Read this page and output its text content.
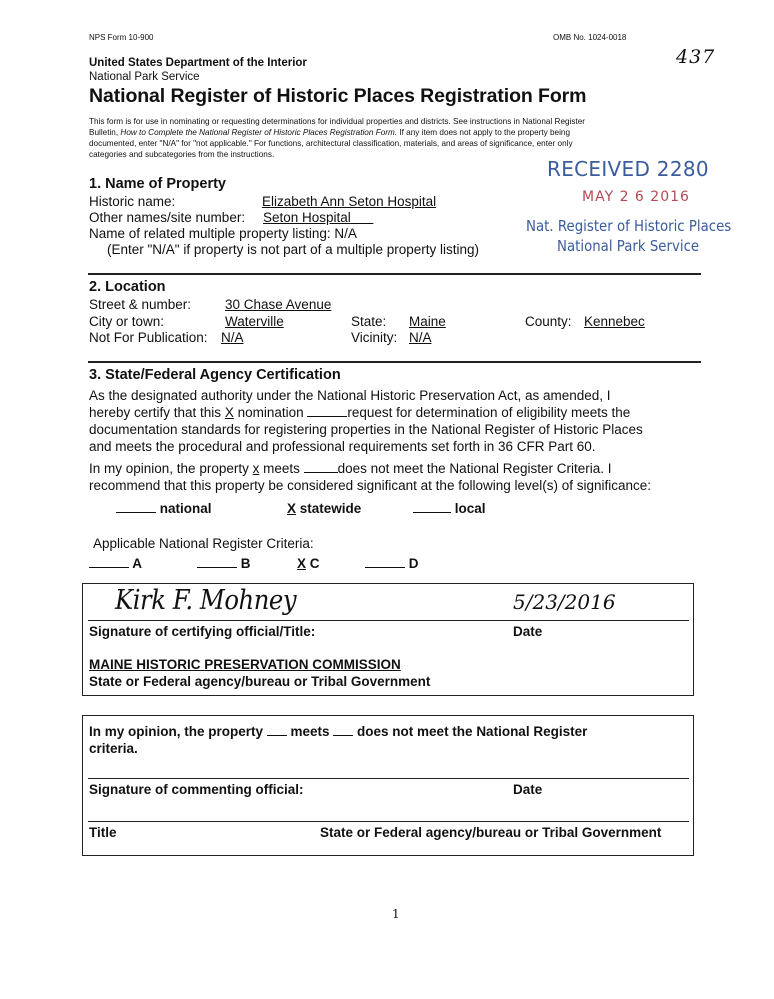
NPS Form 10-900	OMB No. 1024-0018
437
United States Department of the Interior
National Park Service
National Register of Historic Places Registration Form
This form is for use in nominating or requesting determinations for individual properties and districts. See instructions in National Register
Bulletin, How to Complete the National Register of Historic Places Registration Form. If any item does not apply to the property being
documented, enter "N/A" for "not applicable." For functions, architectural classification, materials, and areas of significance, enter only
categories and subcategories from the instructions.
RECEIVED 2280
MAY 2 6 2016
Nat. Register of Historic Places
National Park Service
1. Name of Property
Historic name:	Elizabeth Ann Seton Hospital
Other names/site number: Seton Hospital
Name of related multiple property listing: N/A
(Enter "N/A" if property is not part of a multiple property listing)
2. Location
Street & number:	30 Chase Avenue
City or town:	Waterville	State: Maine	County: Kennebec
Not For Publication: N/A	Vicinity: N/A
3. State/Federal Agency Certification
As the designated authority under the National Historic Preservation Act, as amended, I
hereby certify that this X nomination	request for determination of eligibility meets the
documentation standards for registering properties in the National Register of Historic Places
and meets the procedural and professional requirements set forth in 36 CFR Part 60.
In my opinion, the property x meets	does not meet the National Register Criteria. I
recommend that this property be considered significant at the following level(s) of significance:
national	X statewide	local
Applicable National Register Criteria:
A	B	X C	D
Kirk F. Mohney	5/23/2016
Signature of certifying official/Title:	Date
MAINE HISTORIC PRESERVATION COMMISSION
State or Federal agency/bureau or Tribal Government
In my opinion, the property  meets  does not meet the National Register
criteria.
Signature of commenting official:	Date
Title	State or Federal agency/bureau or Tribal Government
1
